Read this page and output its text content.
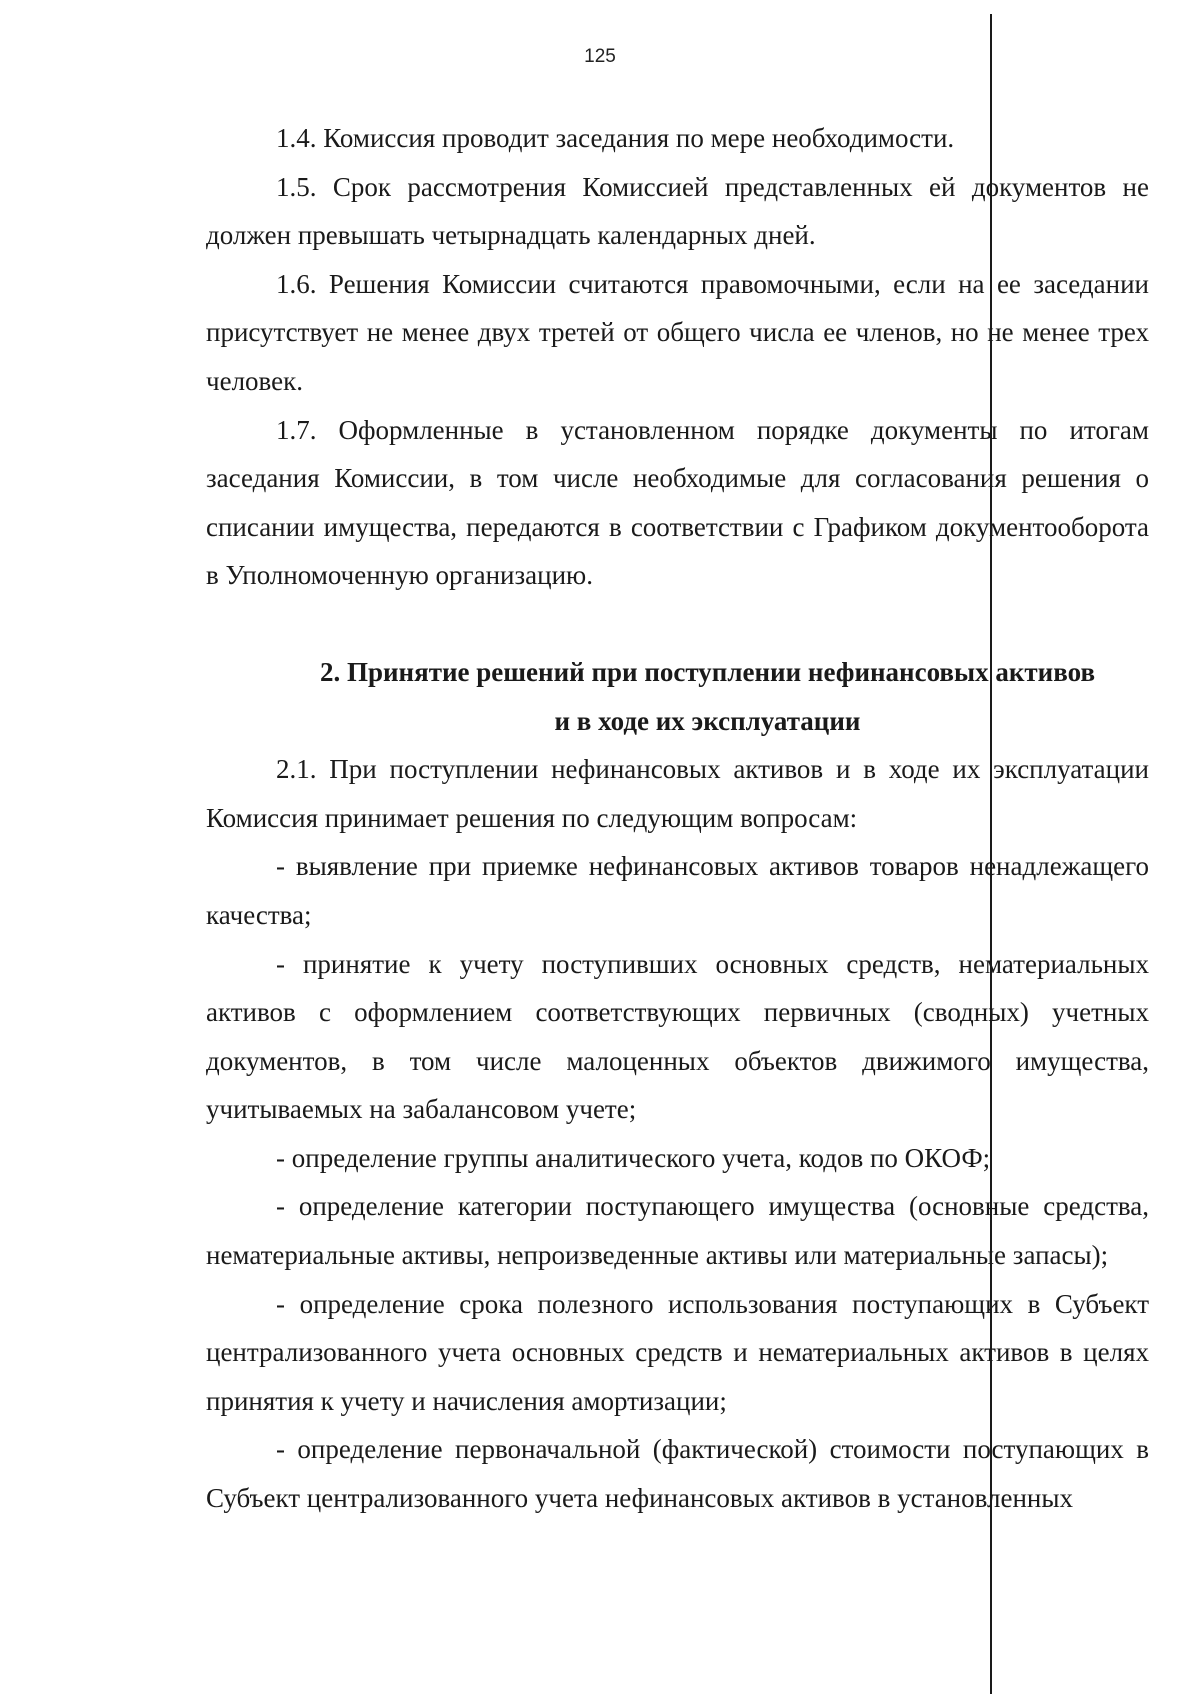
125

1.4. Комиссия проводит заседания по мере необходимости.

1.5. Срок рассмотрения Комиссией представленных ей документов не должен превышать четырнадцать календарных дней.

1.6. Решения Комиссии считаются правомочными, если на ее заседании присутствует не менее двух третей от общего числа ее членов, но не менее трех человек.

1.7. Оформленные в установленном порядке документы по итогам заседания Комиссии, в том числе необходимые для согласования решения о списании имущества, передаются в соответствии с Графиком документооборота в Уполномоченную организацию.

2. Принятие решений при поступлении нефинансовых активов
и в ходе их эксплуатации

2.1. При поступлении нефинансовых активов и в ходе их эксплуатации Комиссия принимает решения по следующим вопросам:

- выявление при приемке нефинансовых активов товаров ненадлежащего качества;

- принятие к учету поступивших основных средств, нематериальных активов с оформлением соответствующих первичных (сводных) учетных документов, в том числе малоценных объектов движимого имущества, учитываемых на забалансовом учете;

- определение группы аналитического учета, кодов по ОКОФ;

- определение категории поступающего имущества (основные средства, нематериальные активы, непроизведенные активы или материальные запасы);

- определение срока полезного использования поступающих в Субъект централизованного учета основных средств и нематериальных активов в целях принятия к учету и начисления амортизации;

- определение первоначальной (фактической) стоимости поступающих в Субъект централизованного учета нефинансовых активов в установленных
